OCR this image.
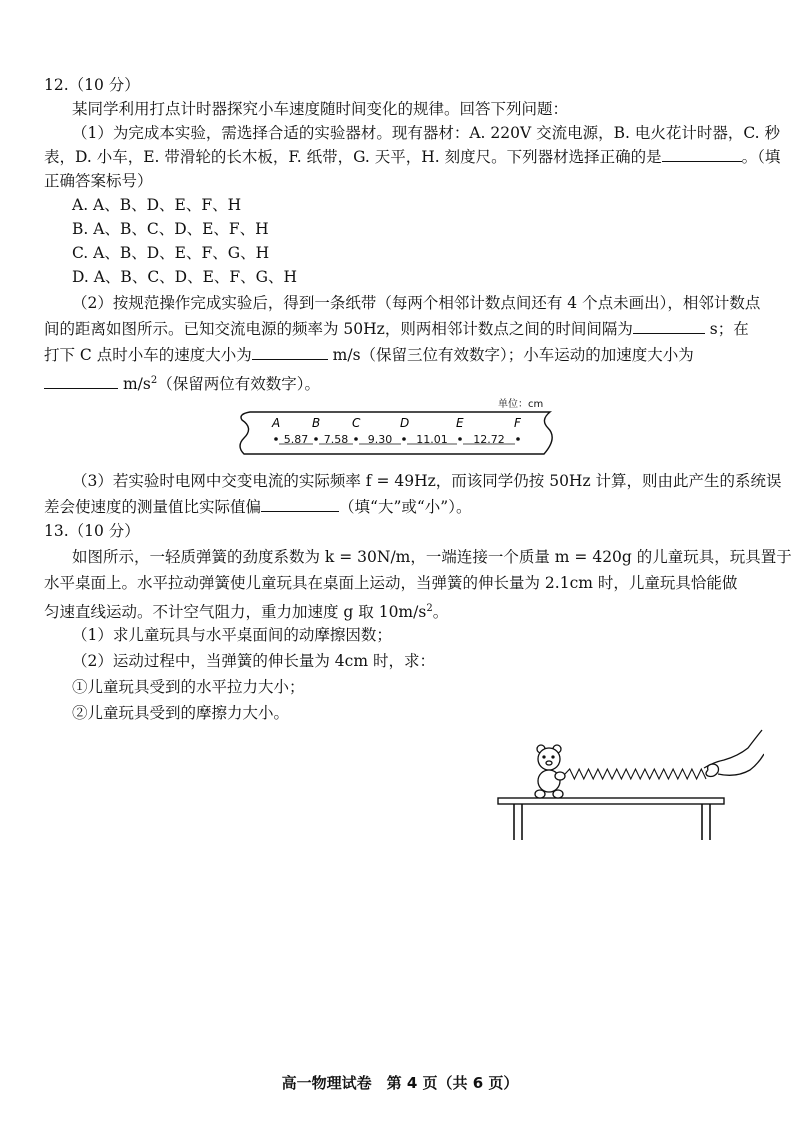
12.（10 分）
某同学利用打点计时器探究小车速度随时间变化的规律。回答下列问题：
（1）为完成本实验，需选择合适的实验器材。现有器材：A. 220V 交流电源，B. 电火花计时器，C. 秒
表，D. 小车，E. 带滑轮的长木板，F. 纸带，G. 天平，H. 刻度尺。下列器材选择正确的是	。（填
正确答案标号）
A. A、B、D、E、F、H
B. A、B、C、D、E、F、H
C. A、B、D、E、F、G、H
D. A、B、C、D、E、F、G、H
（2）按规范操作完成实验后，得到一条纸带（每两个相邻计数点间还有 4 个点未画出），相邻计数点
间的距离如图所示。已知交流电源的频率为 50Hz，则两相邻计数点之间的时间间隔为	s；在
打下 C 点时小车的速度大小为	m/s（保留三位有效数字）；小车运动的加速度大小为
$m/s^2$（保留两位有效数字）。
单位：cm
A	B	C	D	E	F
5.87 7.58 9.30 11.01 12.72
（3）若实验时电网中交变电流的实际频率 f = 49Hz，而该同学仍按 50Hz 计算，则由此产生的系统误
差会使速度的测量值比实际值偏	（填“大”或“小”）。
13.（10 分）
如图所示，一轻质弹簧的劲度系数为 k = 30N/m，一端连接一个质量 m = 420g 的儿童玩具，玩具置于
水平桌面上。水平拉动弹簧使儿童玩具在桌面上运动，当弹簧的伸长量为 2.1cm 时，儿童玩具恰能做
匀速直线运动。不计空气阻力，重力加速度 g 取 $10m/s^2$。
（1）求儿童玩具与水平桌面间的动摩擦因数；
（2）运动过程中，当弹簧的伸长量为 4cm 时，求：
①儿童玩具受到的水平拉力大小；
②儿童玩具受到的摩擦力大小。
高一物理试卷　第 4 页（共 6 页）
